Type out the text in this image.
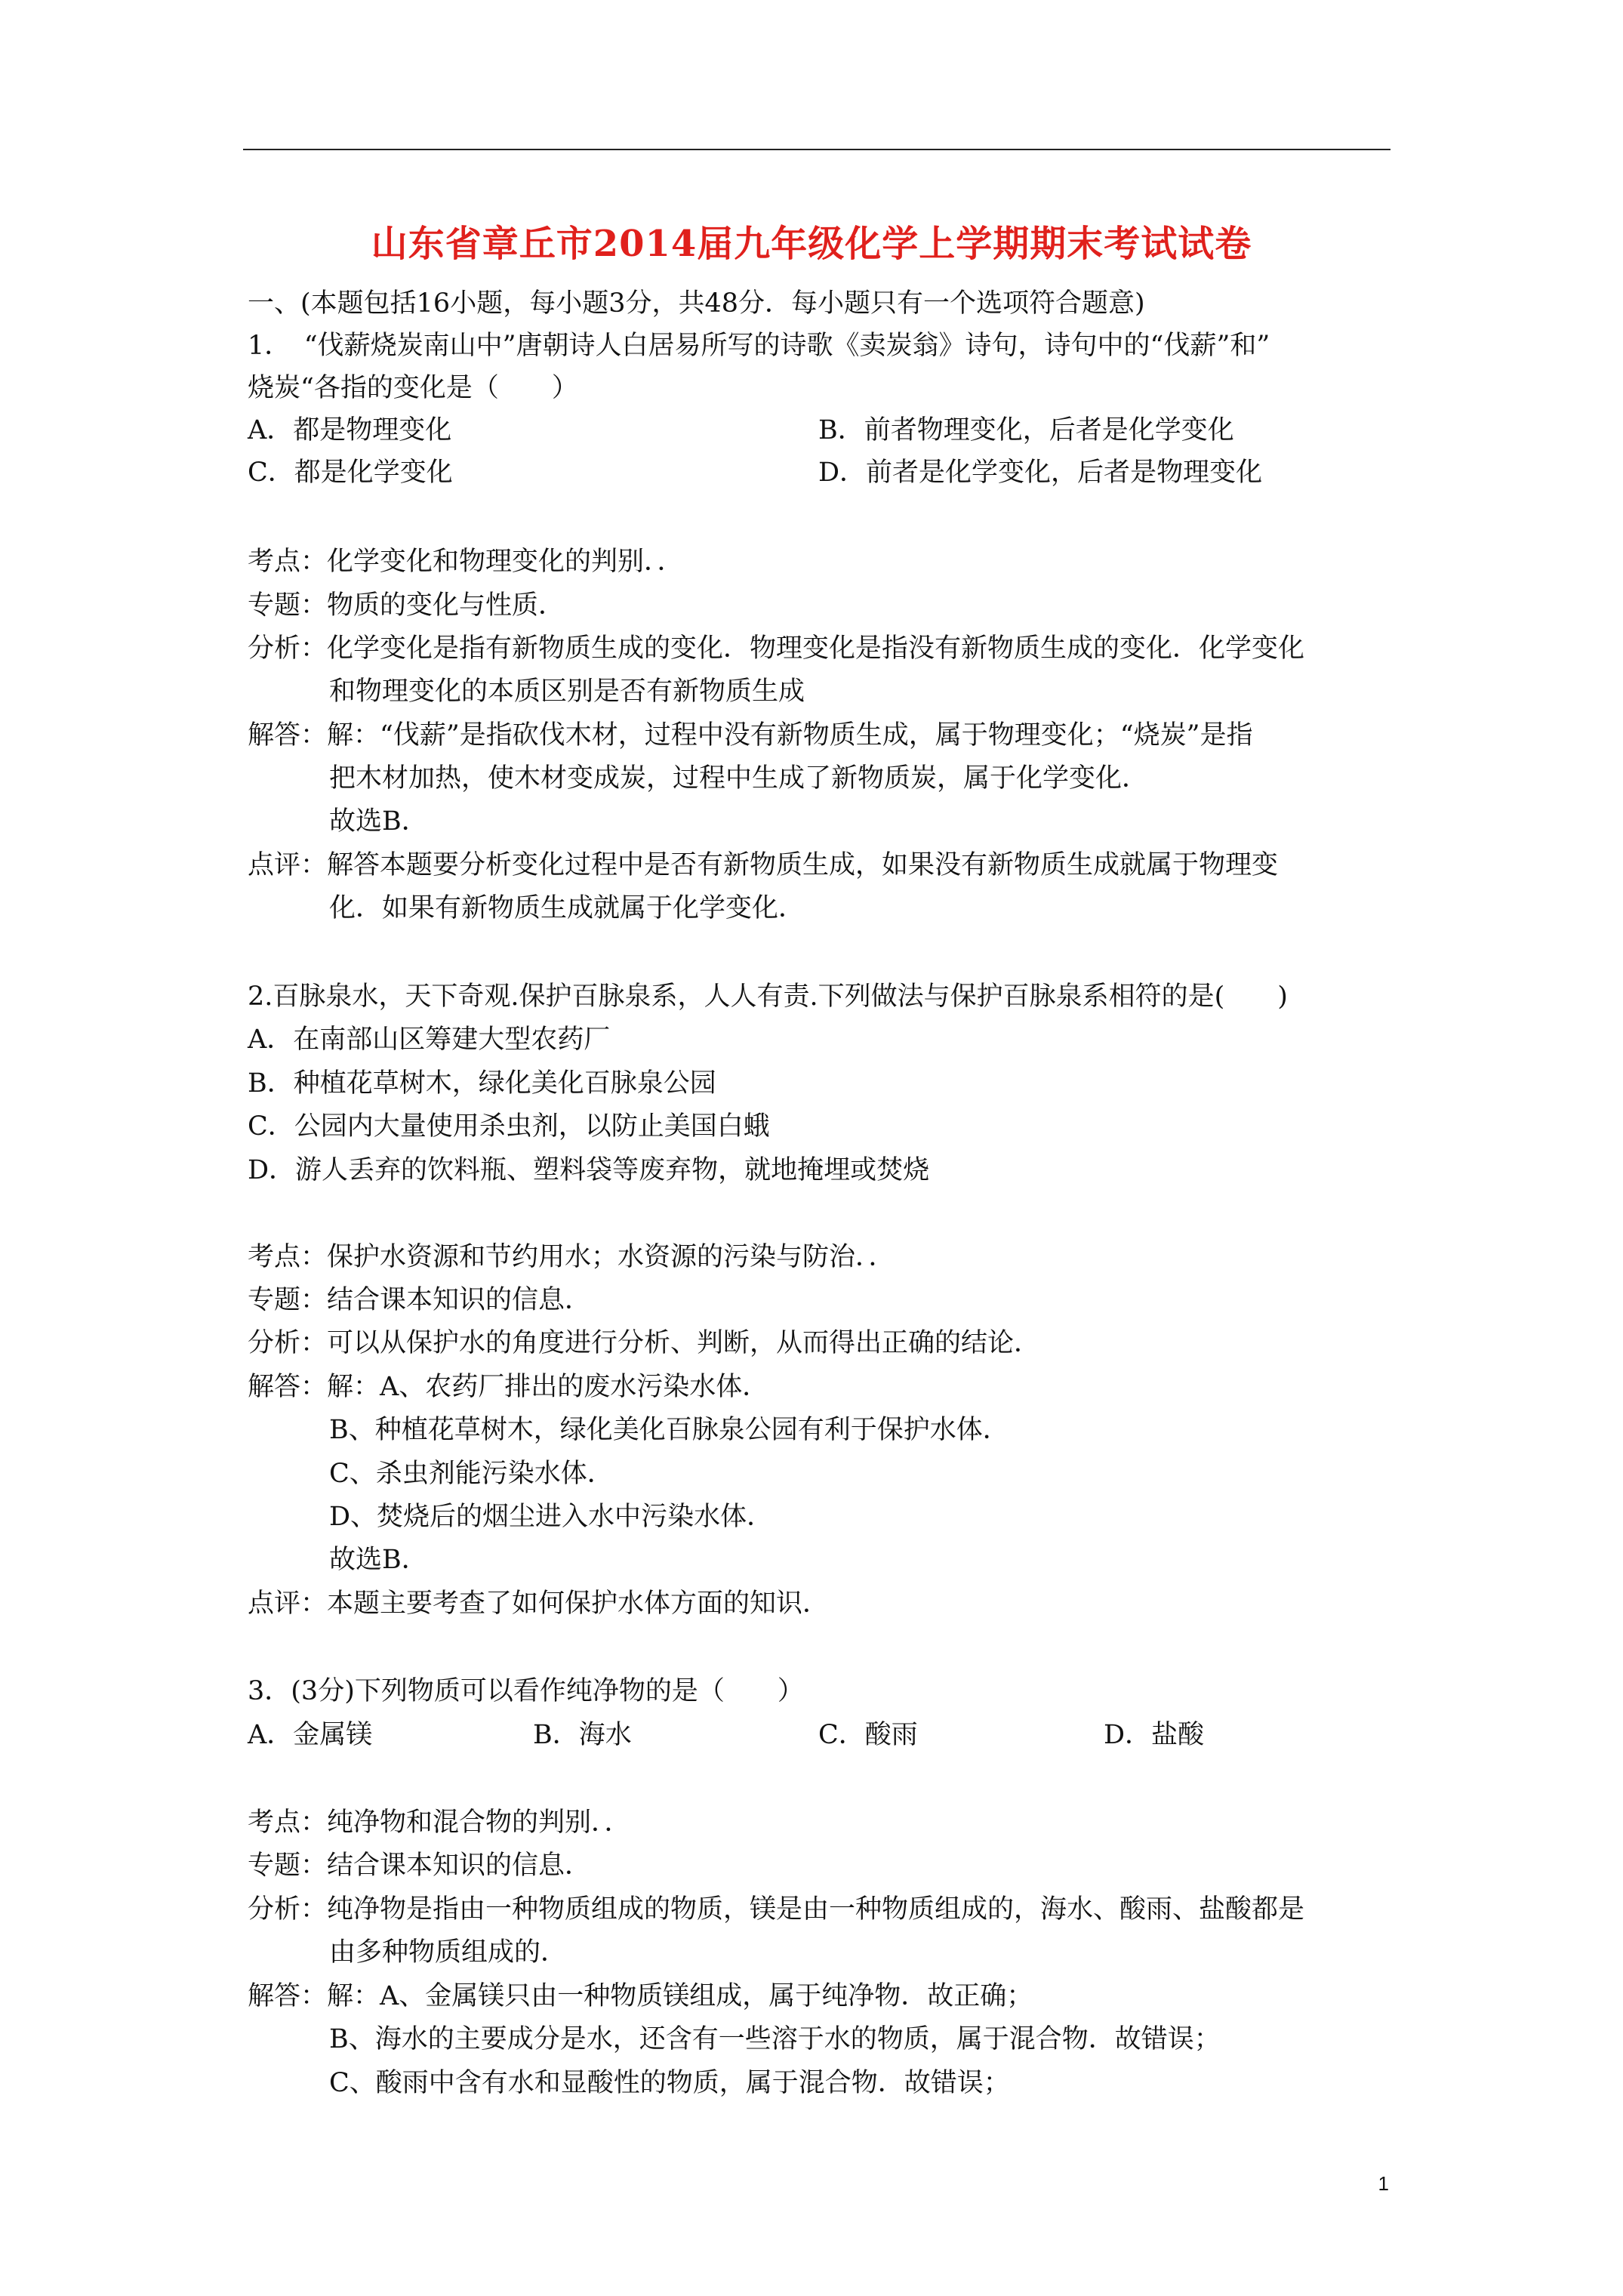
山东省章丘市2014届九年级化学上学期期末考试试卷
一、(本题包括16小题，每小题3分，共48分．每小题只有一个选项符合题意)
1．　“伐薪烧炭南山中”唐朝诗人白居易所写的诗歌《卖炭翁》诗句，诗句中的“伐薪”和”
烧炭“各指的变化是（　　）
A．都是物理变化	B．前者物理变化，后者是化学变化
C．都是化学变化	D．前者是化学变化，后者是物理变化
考点：化学变化和物理变化的判别．．
专题：物质的变化与性质．
分析：化学变化是指有新物质生成的变化．物理变化是指没有新物质生成的变化．化学变化
和物理变化的本质区别是否有新物质生成
解答：解：“伐薪”是指砍伐木材，过程中没有新物质生成，属于物理变化；“烧炭”是指
把木材加热，使木材变成炭，过程中生成了新物质炭，属于化学变化．
故选B．
点评：解答本题要分析变化过程中是否有新物质生成，如果没有新物质生成就属于物理变
化．如果有新物质生成就属于化学变化．
2.百脉泉水，天下奇观.保护百脉泉系，人人有责.下列做法与保护百脉泉系相符的是(　　)
A．在南部山区筹建大型农药厂
B．种植花草树木，绿化美化百脉泉公园
C．公园内大量使用杀虫剂，以防止美国白蛾
D．游人丢弃的饮料瓶、塑料袋等废弃物，就地掩埋或焚烧
考点：保护水资源和节约用水；水资源的污染与防治．．
专题：结合课本知识的信息．
分析：可以从保护水的角度进行分析、判断，从而得出正确的结论．
解答：解：A、农药厂排出的废水污染水体．
B、种植花草树木，绿化美化百脉泉公园有利于保护水体．
C、杀虫剂能污染水体．
D、焚烧后的烟尘进入水中污染水体．
故选B．
点评：本题主要考查了如何保护水体方面的知识．
3．(3分)下列物质可以看作纯净物的是（　　）
A．金属镁	B．海水	C．酸雨	D．盐酸
考点：纯净物和混合物的判别．．
专题：结合课本知识的信息．
分析：纯净物是指由一种物质组成的物质，镁是由一种物质组成的，海水、酸雨、盐酸都是
由多种物质组成的．
解答：解：A、金属镁只由一种物质镁组成，属于纯净物．故正确；
B、海水的主要成分是水，还含有一些溶于水的物质，属于混合物．故错误；
C、酸雨中含有水和显酸性的物质，属于混合物．故错误；
1
